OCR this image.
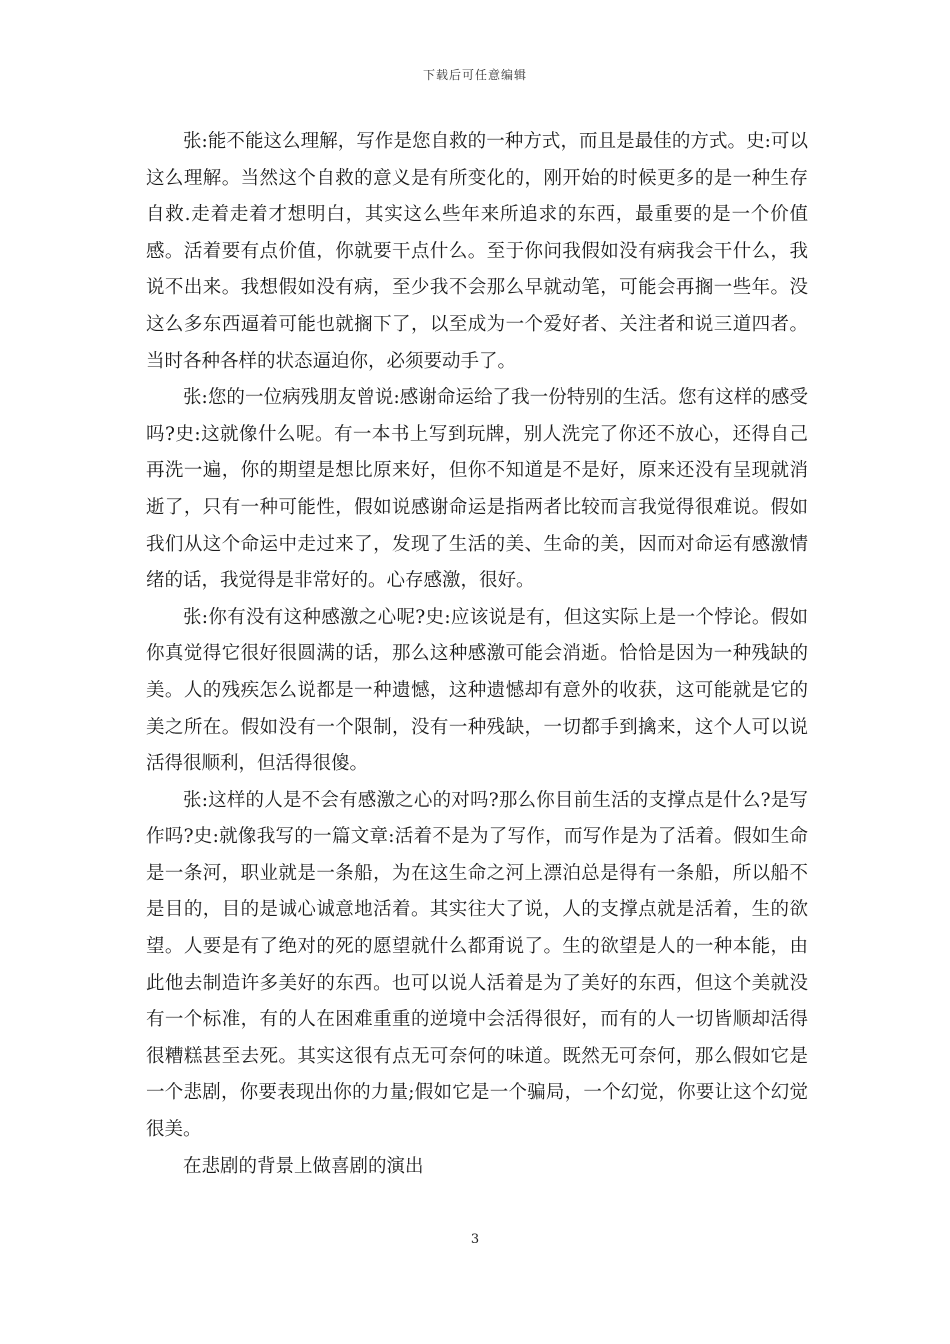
下载后可任意编辑

张:能不能这么理解，写作是您自救的一种方式，而且是最佳的方式。史:可以这么理解。当然这个自救的意义是有所变化的，刚开始的时候更多的是一种生存自救.走着走着才想明白，其实这么些年来所追求的东西，最重要的是一个价值感。活着要有点价值，你就要干点什么。至于你问我假如没有病我会干什么，我说不出来。我想假如没有病，至少我不会那么早就动笔，可能会再搁一些年。没这么多东西逼着可能也就搁下了，以至成为一个爱好者、关注者和说三道四者。当时各种各样的状态逼迫你，必须要动手了。

张:您的一位病残朋友曾说:感谢命运给了我一份特别的生活。您有这样的感受吗?史:这就像什么呢。有一本书上写到玩牌，别人洗完了你还不放心，还得自己再洗一遍，你的期望是想比原来好，但你不知道是不是好，原来还没有呈现就消逝了，只有一种可能性，假如说感谢命运是指两者比较而言我觉得很难说。假如我们从这个命运中走过来了，发现了生活的美、生命的美，因而对命运有感激情绪的话，我觉得是非常好的。心存感激，很好。

张:你有没有这种感激之心呢?史:应该说是有，但这实际上是一个悖论。假如你真觉得它很好很圆满的话，那么这种感激可能会消逝。恰恰是因为一种残缺的美。人的残疾怎么说都是一种遗憾，这种遗憾却有意外的收获，这可能就是它的美之所在。假如没有一个限制，没有一种残缺，一切都手到擒来，这个人可以说活得很顺利，但活得很傻。

张:这样的人是不会有感激之心的对吗?那么你目前生活的支撑点是什么?是写作吗?史:就像我写的一篇文章:活着不是为了写作，而写作是为了活着。假如生命是一条河，职业就是一条船，为在这生命之河上漂泊总是得有一条船，所以船不是目的，目的是诚心诚意地活着。其实往大了说，人的支撑点就是活着，生的欲望。人要是有了绝对的死的愿望就什么都甭说了。生的欲望是人的一种本能，由此他去制造许多美好的东西。也可以说人活着是为了美好的东西，但这个美就没有一个标准，有的人在困难重重的逆境中会活得很好，而有的人一切皆顺却活得很糟糕甚至去死。其实这很有点无可奈何的味道。既然无可奈何，那么假如它是一个悲剧，你要表现出你的力量;假如它是一个骗局，一个幻觉，你要让这个幻觉很美。

在悲剧的背景上做喜剧的演出

3
